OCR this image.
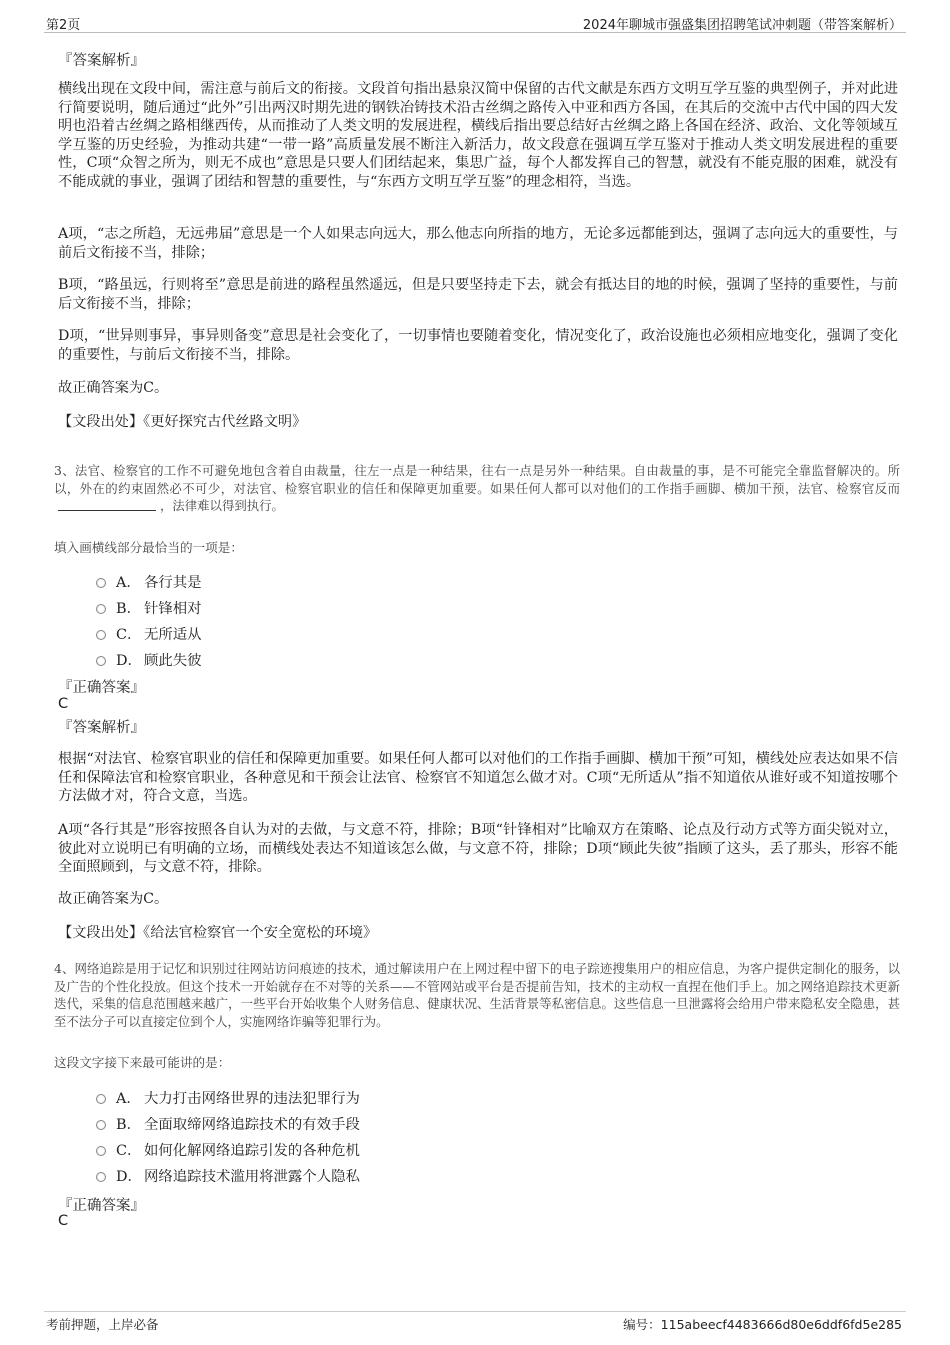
第2页	2024年聊城市强盛集团招聘笔试冲刺题（带答案解析）
『答案解析』

横线出现在文段中间，需注意与前后文的衔接。文段首句指出悬泉汉简中保留的古代文献是东西方文明互学互鉴的典型例子，并对此进行简要说明，随后通过“此外”引出两汉时期先进的钢铁冶铸技术沿古丝绸之路传入中亚和西方各国，在其后的交流中古代中国的四大发明也沿着古丝绸之路相继西传，从而推动了人类文明的发展进程，横线后指出要总结好古丝绸之路上各国在经济、政治、文化等领域互学互鉴的历史经验，为推动共建“一带一路”高质量发展不断注入新活力，故文段意在强调互学互鉴对于推动人类文明发展进程的重要性，C项“众智之所为，则无不成也”意思是只要人们团结起来，集思广益，每个人都发挥自己的智慧，就没有不能克服的困难，就没有不能成就的事业，强调了团结和智慧的重要性，与“东西方文明互学互鉴”的理念相符，当选。

A项，“志之所趋，无远弗届”意思是一个人如果志向远大，那么他志向所指的地方，无论多远都能到达，强调了志向远大的重要性，与前后文衔接不当，排除；

B项，“路虽远，行则将至”意思是前进的路程虽然遥远，但是只要坚持走下去，就会有抵达目的地的时候，强调了坚持的重要性，与前后文衔接不当，排除；

D项，“世异则事异，事异则备变”意思是社会变化了，一切事情也要随着变化，情况变化了，政治设施也必须相应地变化，强调了变化的重要性，与前后文衔接不当，排除。

故正确答案为C。
【文段出处】《更好探究古代丝路文明》

3、法官、检察官的工作不可避免地包含着自由裁量，往左一点是一种结果，往右一点是另外一种结果。自由裁量的事，是不可能完全靠监督解决的。所以，外在的约束固然必不可少，对法官、检察官职业的信任和保障更加重要。如果任何人都可以对他们的工作指手画脚、横加干预，法官、检察官反而，法律难以得到执行。

填入画横线部分最恰当的一项是：
A． 各行其是
B． 针锋相对
C． 无所适从
D． 顾此失彼
『正确答案』
C
『答案解析』

根据“对法官、检察官职业的信任和保障更加重要。如果任何人都可以对他们的工作指手画脚、横加干预”可知，横线处应表达如果不信任和保障法官和检察官职业，各种意见和干预会让法官、检察官不知道怎么做才对。C项“无所适从”指不知道依从谁好或不知道按哪个方法做才对，符合文意，当选。

A项“各行其是”形容按照各自认为对的去做，与文意不符，排除；B项“针锋相对”比喻双方在策略、论点及行动方式等方面尖锐对立，彼此对立说明已有明确的立场，而横线处表达不知道该怎么做，与文意不符，排除；D项“顾此失彼”指顾了这头，丢了那头，形容不能全面照顾到，与文意不符，排除。

故正确答案为C。
【文段出处】《给法官检察官一个安全宽松的环境》

4、网络追踪是用于记忆和识别过往网站访问痕迹的技术，通过解读用户在上网过程中留下的电子踪迹搜集用户的相应信息，为客户提供定制化的服务，以及广告的个性化投放。但这个技术一开始就存在不对等的关系——不管网站或平台是否提前告知，技术的主动权一直捏在他们手上。加之网络追踪技术更新迭代，采集的信息范围越来越广，一些平台开始收集个人财务信息、健康状况、生活背景等私密信息。这些信息一旦泄露将会给用户带来隐私安全隐患，甚至不法分子可以直接定位到个人，实施网络诈骗等犯罪行为。

这段文字接下来最可能讲的是：
A． 大力打击网络世界的违法犯罪行为
B． 全面取缔网络追踪技术的有效手段
C． 如何化解网络追踪引发的各种危机
D． 网络追踪技术滥用将泄露个人隐私
『正确答案』
C
考前押题，上岸必备	编号：115abeecf4483666d80e6ddf6fd5e285
